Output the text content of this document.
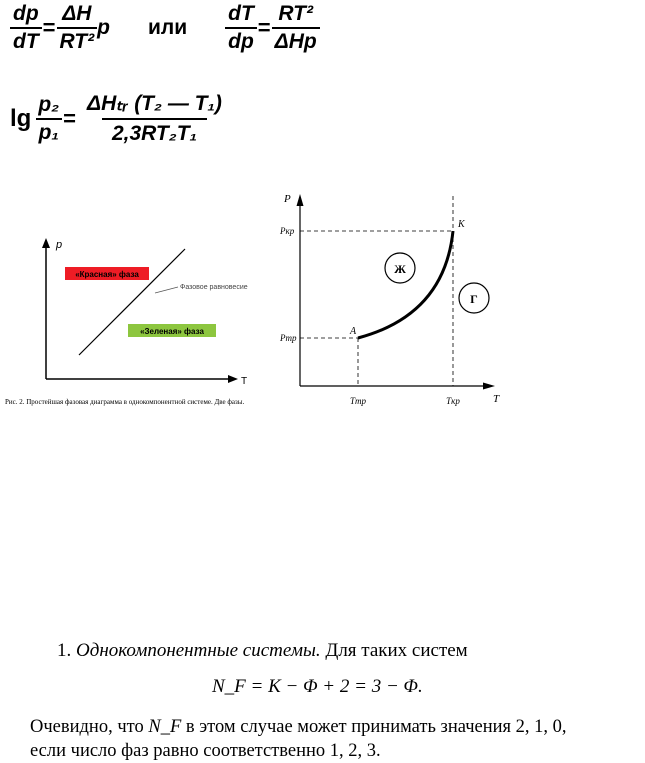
$\frac{dp}{dT} = \frac{\Delta H}{\text{RT²}}$ p или $\frac{dT}{dp} = \frac{\text{RT²}}{\text{ΔHp}}$
$\lg \frac{\text{p₂}}{\text{p₁}} = \frac{\text{ΔHₜᵣ (T₂ — T₁)}}{\text{2,3RT₂T₁}}$
p
T
«Красная» фаза
«Зеленая» фаза
Фазовое равновесие
Рис. 2. Простейшая фазовая диаграмма в однокомпонентной системе. Две фазы.
P
T
Pкр
Pтр
Tтр	Tкр
A
K
Ж
Г
1. Однокомпонентные системы. Для таких систем
N_F = K − Φ + 2 = 3 − Φ.
Очевидно, что N_F в этом случае может принимать значения 2, 1, 0,
если число фаз равно соответственно 1, 2, 3.
